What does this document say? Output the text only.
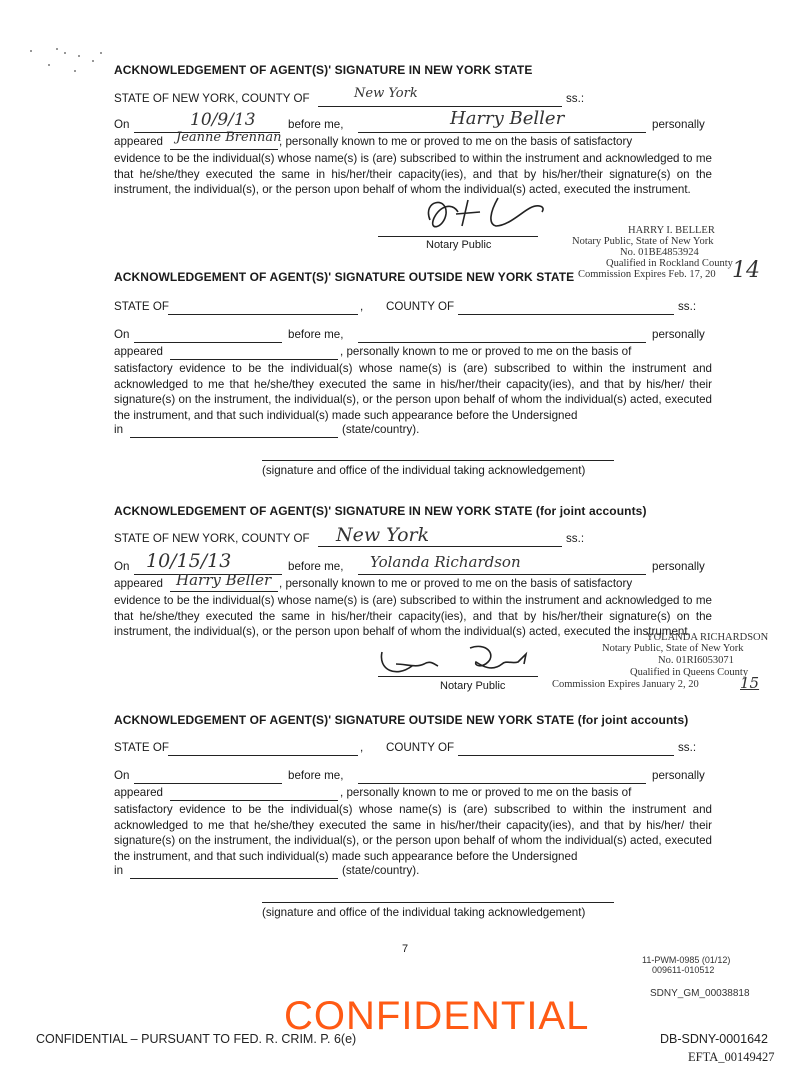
ACKNOWLEDGEMENT OF AGENT(S)' SIGNATURE IN NEW YORK STATE
STATE OF NEW YORK, COUNTY OF	New York	ss.:
On	10/9/13	before me,	Harry Beller	personally
appeared Jeanne Brennan
, personally known to me or proved to me on the basis of satisfactory
evidence to be the individual(s) whose name(s) is (are) subscribed to within the instrument and acknowledged to me that he/she/they executed the same in his/her/their capacity(ies), and that by his/her/their signature(s) on the instrument, the individual(s), or the person upon behalf of whom the individual(s) acted, executed the instrument.
Notary Public
HARRY I. BELLER
Notary Public, State of New York
No. 01BE4853924
Qualified in Rockland County
Commission Expires Feb. 17, 20 14
ACKNOWLEDGEMENT OF AGENT(S)' SIGNATURE OUTSIDE NEW YORK STATE
STATE OF	, COUNTY OF	ss.:
On	before me,	personally
appeared	, personally known to me or proved to me on the basis of
satisfactory evidence to be the individual(s) whose name(s) is (are) subscribed to within the instrument and acknowledged to me that he/she/they executed the same in his/her/their capacity(ies), and that by his/her/ their signature(s) on the instrument, the individual(s), or the person upon behalf of whom the individual(s) acted, executed the instrument, and that such individual(s) made such appearance before the Undersigned
in	(state/country).
(signature and office of the individual taking acknowledgement)
ACKNOWLEDGEMENT OF AGENT(S)' SIGNATURE IN NEW YORK STATE (for joint accounts)
STATE OF NEW YORK, COUNTY OF New York	ss.:
On 10/15/13	before me, Yolanda Richardson	personally
appeared Harry Beller , personally known to me or proved to me on the basis of satisfactory
evidence to be the individual(s) whose name(s) is (are) subscribed to within the instrument and acknowledged to me that he/she/they executed the same in his/her/their capacity(ies), and that by his/her/their signature(s) on the instrument, the individual(s), or the person upon behalf of whom the individual(s) acted, executed the instrument.
Notary Public
YOLANDA RICHARDSON
Notary Public, State of New York
No. 01RI6053071
Qualified in Queens County
Commission Expires January 2, 20	15
ACKNOWLEDGEMENT OF AGENT(S)' SIGNATURE OUTSIDE NEW YORK STATE (for joint accounts)
STATE OF	, COUNTY OF	ss.:
On	before me,	personally
appeared	, personally known to me or proved to me on the basis of
satisfactory evidence to be the individual(s) whose name(s) is (are) subscribed to within the instrument and acknowledged to me that he/she/they executed the same in his/her/their capacity(ies), and that by his/her/ their signature(s) on the instrument, the individual(s), or the person upon behalf of whom the individual(s) acted, executed the instrument, and that such individual(s) made such appearance before the Undersigned
in	(state/country).
(signature and office of the individual taking acknowledgement)
7
11-PWM-0985 (01/12)
009611-010512
SDNY_GM_00038818
CONFIDENTIAL
CONFIDENTIAL – PURSUANT TO FED. R. CRIM. P. 6(e)	DB-SDNY-0001642
EFTA_00149427
